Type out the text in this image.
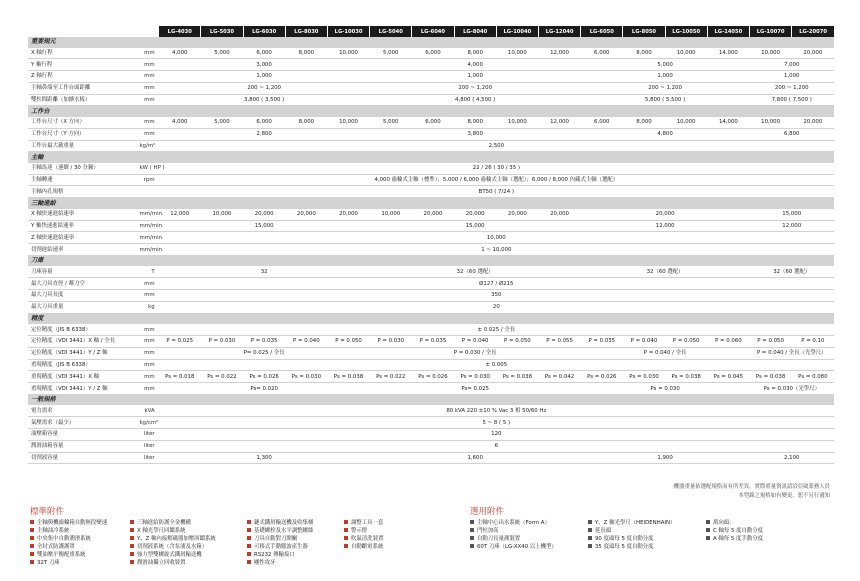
		LG-4030	LG-5030	LG-6030	LG-8030	LG-10030	LG-5040	LG-6040	LG-8040	LG-10040	LG-12040	LG-6050	LG-8050	LG-10050	LG-14050	LG-10070	LG-20070
重要規元																	
X 軸行程	mm	4,000	5,000	6,000	8,000	10,000	5,000	6,000	8,000	10,000	12,000	6,000	8,000	10,000	14,000	10,000	20,000
Y 軸行程	mm	3,000					4,000					5,000				7,000	
Z 軸行程	mm	1,000					1,000					1,000				1,000	
主軸鼻端至工作台面距離	mm	200 ~ 1,200					200 ~ 1,200					200 ~ 1,200				200 ~ 1,200	
雙柱間距離（加擴水板）	mm	3,800 ( 3,500 )					4,800 ( 4,500 )					5,800 ( 5,500 )				7,800 ( 7,500 )	
工作台																	
工作台尺寸（X 方向）	mm	4,000	5,000	6,000	8,000	10,000	5,000	6,000	8,000	10,000	12,000	6,000	8,000	10,000	14,000	10,000	20,000
工作台尺寸（Y 方向）	mm	2,800					3,800					4,800				6,800	
工作台最大載重量	kg/m²	2,500															
主軸																	
主軸馬達（連續 / 30 分鐘）	kW ( HP )	22 / 26 ( 30 / 35 )															
主軸轉速	rpm	4,000 齒輪式主軸（標準）；5,000 / 6,000 齒輪式主軸（選配）；6,000 / 8,000 內藏式主軸（選配）															
主軸內孔規格		BT50 ( 7/24 )															
三軸進給																	
X 軸快速進給速率	mm/min.	12,000	10,000	20,000	20,000	20,000	10,000	20,000	20,000	20,000	20,000	20,000				15,000	
Y 軸快速進給速率	mm/min.	15,000					15,000					12,000				12,000	
Z 軸快速進給速率	mm/min.	10,000															
切削進給速率	mm/min.	1 ~ 10,000															
刀庫																	
刀庫容量	T	32					32（60 選配）					32（60 選配）				32（60 選配）	
最大刀具直徑 / 鄰刀空	mm	Ø127 / Ø215															
最大刀具長度	mm	350															
最大刀具重量	kg	20															
精度																	
定位精度（JIS B 6338）	mm	± 0.025 / 全長															
定位精度（VDI 3441）X 軸 / 全長	mm	P = 0.025	P = 0.030	P = 0.035	P = 0.040	P = 0.050	P = 0.030	P = 0.035	P = 0.040	P = 0.050	P = 0.055	P = 0.035	P = 0.040	P = 0.050	P = 0.060	P = 0.050	P = 0.10
定位精度（VDI 3441）Y / Z 軸	mm	P= 0.025 / 全長					P = 0.030 / 全長					P = 0.040 / 全長				P = 0.040 / 全長（光學尺）	
重現精度（JIS B 6338）	mm	± 0.005															
重現精度（VDI 3441）X 軸	mm	Ps = 0.018	Ps = 0.022	Ps = 0.026	Ps = 0.030	Ps = 0.038	Ps = 0.022	Ps = 0.026	Ps = 0.030	Ps = 0.038	Ps = 0.042	Ps = 0.026	Ps = 0.030	Ps = 0.038	Ps = 0.045	Ps = 0.038	Ps = 0.080
重現精度（VDI 3441）Y / Z 軸	mm	Ps= 0.020					Ps= 0.025					Ps = 0.030				Ps = 0.030（光學尺）	
一般規格																	
電力需求	kVA	80 kVA 220 ±10 % Vac 3 相 50/60 Hz															
氣壓需求（最少）	kg/cm²	5 ~ 8 ( 5 )															
油壓箱容量	liter	120															
潤滑油箱容量	liter	6															
切削液容量	liter	1,300					1,600					1,900				2,100	
機器重量依選配規格而有所差異，實際重量資訊請洽亞崴業務人員
本型錄之規格如有變更，恕不另行通知
標準附件
主軸與機齒輪箱自動無段變速
主軸油冷系統
中央集中自動潤滑系統
全封式防護護罩
雙油壓平衡配重系統
32T 刀庫
三軸進給防護全金機構
X 軸光學尺回饋系統
Y、Z 軸內接解碼器加壓回饋系統
切削液系統（含泵浦及水箱）
強力型雙螺旋式鐵屑輸送機
潤滑油獨立回收裝置
鏈式鐵屑輸送機及收集桶
基礎螺栓及水平調整螺絲
刀具自動對刀開關
可移式手動脈波產生器
RS232 傳輸接口
剛性攻牙
調整工具一套
警示燈
吹氣清洗裝置
自動斷電系統
選用附件
主軸中心出水系統（Form A）
門柱加高
自動刀長量測裝置
60T 刀庫（LG-XX40 以上機型）
Y、Z 軸光學尺（HEIDENHAIN）
延長頭
90 度頭每 5 度自動分度
35 度頭每 5 度自動分度
萬向頭：
C 軸每 5 度自動分度
A 軸每 5 度手動分度
